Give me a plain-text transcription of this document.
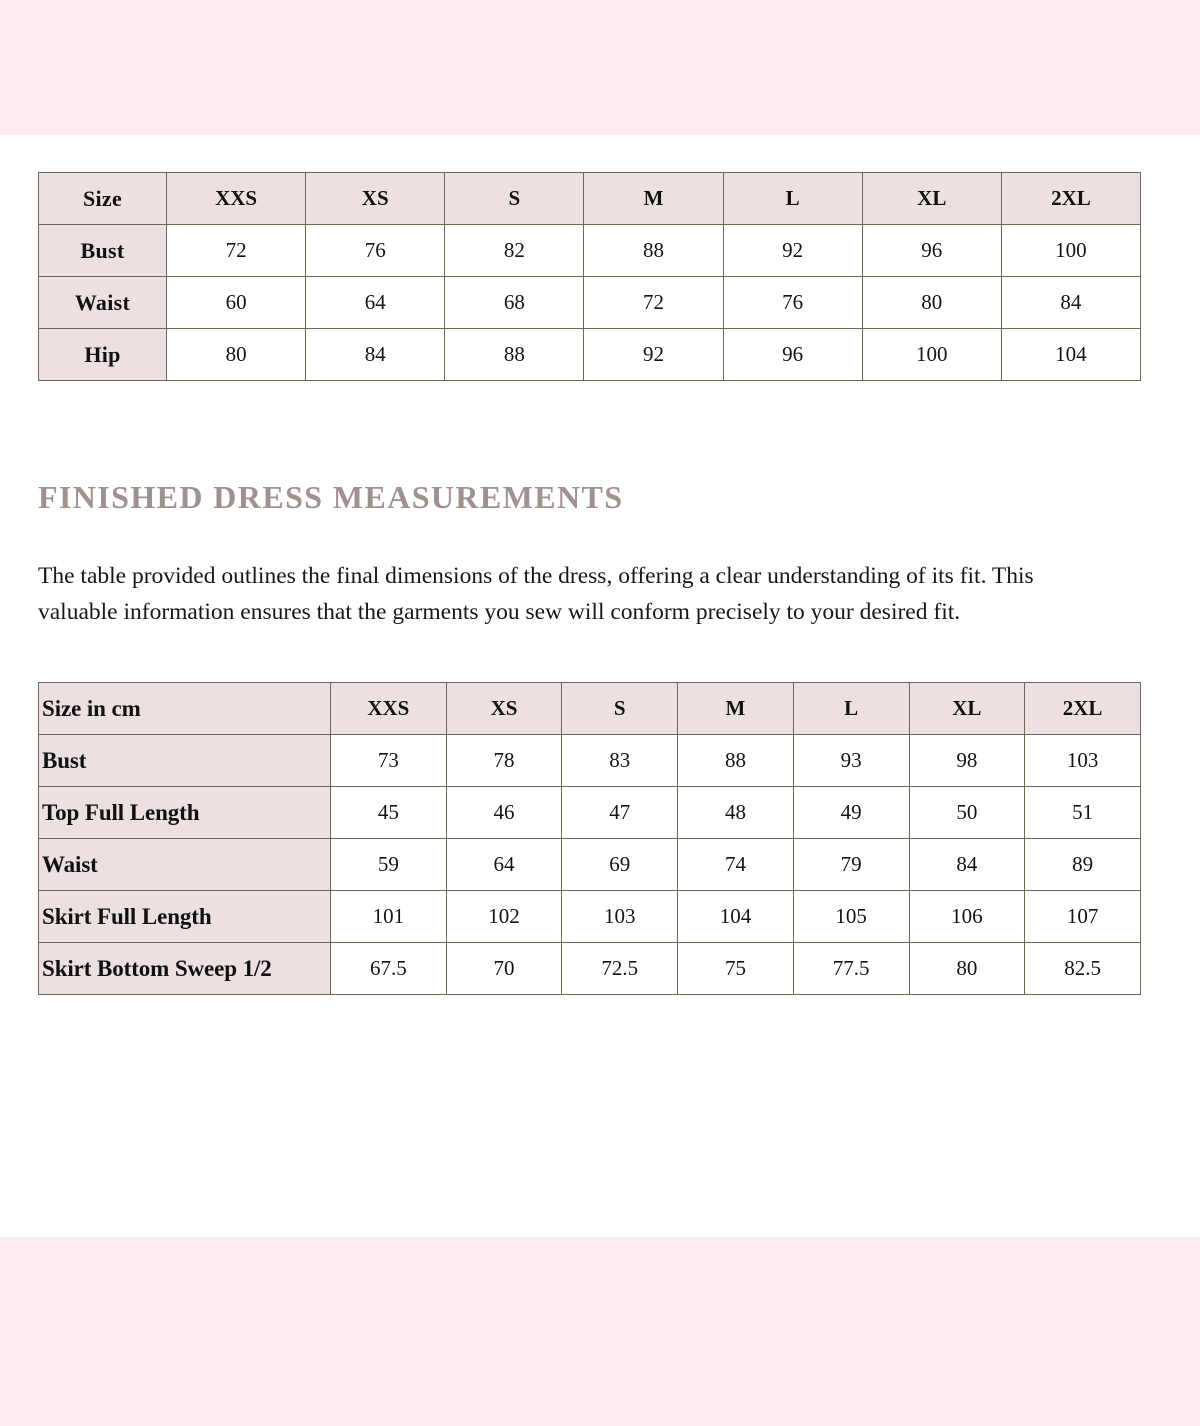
Size	XXS	XS	S	M	L	XL	2XL
Bust	72	76	82	88	92	96	100
Waist	60	64	68	72	76	80	84
Hip	80	84	88	92	96	100	104
FINISHED DRESS MEASUREMENTS

The table provided outlines the final dimensions of the dress, offering a clear understanding of its fit. This valuable information ensures that the garments you sew will conform precisely to your desired fit.

Size in cm	XXS	XS	S	M	L	XL	2XL
Bust	73	78	83	88	93	98	103
Top Full Length	45	46	47	48	49	50	51
Waist	59	64	69	74	79	84	89
Skirt Full Length	101	102	103	104	105	106	107
Skirt Bottom Sweep 1/2	67.5	70	72.5	75	77.5	80	82.5
